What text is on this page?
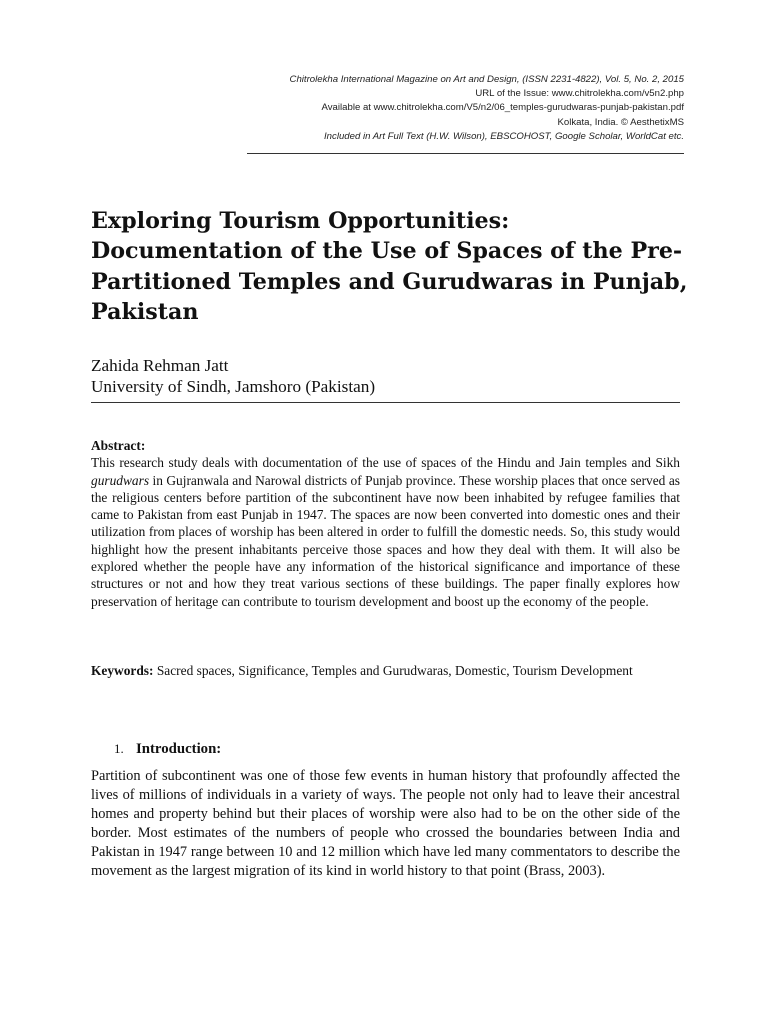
Chitrolekha International Magazine on Art and Design, (ISSN 2231-4822), Vol. 5, No. 2, 2015
URL of the Issue: www.chitrolekha.com/v5n2.php
Available at www.chitrolekha.com/V5/n2/06_temples-gurudwaras-punjab-pakistan.pdf
Kolkata, India. © AesthetixMS
Included in Art Full Text (H.W. Wilson), EBSCOHOST, Google Scholar, WorldCat etc.
Exploring Tourism Opportunities: Documentation of the Use of Spaces of the Pre-Partitioned Temples and Gurudwaras in Punjab, Pakistan
Zahida Rehman Jatt
University of Sindh, Jamshoro (Pakistan)
Abstract:
This research study deals with documentation of the use of spaces of the Hindu and Jain temples and Sikh gurudwars in Gujranwala and Narowal districts of Punjab province. These worship places that once served as the religious centers before partition of the subcontinent have now been inhabited by refugee families that came to Pakistan from east Punjab in 1947. The spaces are now been converted into domestic ones and their utilization from places of worship has been altered in order to fulfill the domestic needs. So, this study would highlight how the present inhabitants perceive those spaces and how they deal with them. It will also be explored whether the people have any information of the historical significance and importance of these structures or not and how they treat various sections of these buildings. The paper finally explores how preservation of heritage can contribute to tourism development and boost up the economy of the people.
Keywords: Sacred spaces, Significance, Temples and Gurudwaras, Domestic, Tourism Development
1. Introduction:
Partition of subcontinent was one of those few events in human history that profoundly affected the lives of millions of individuals in a variety of ways. The people not only had to leave their ancestral homes and property behind but their places of worship were also had to be on the other side of the border. Most estimates of the numbers of people who crossed the boundaries between India and Pakistan in 1947 range between 10 and 12 million which have led many commentators to describe the movement as the largest migration of its kind in world history to that point (Brass, 2003).
